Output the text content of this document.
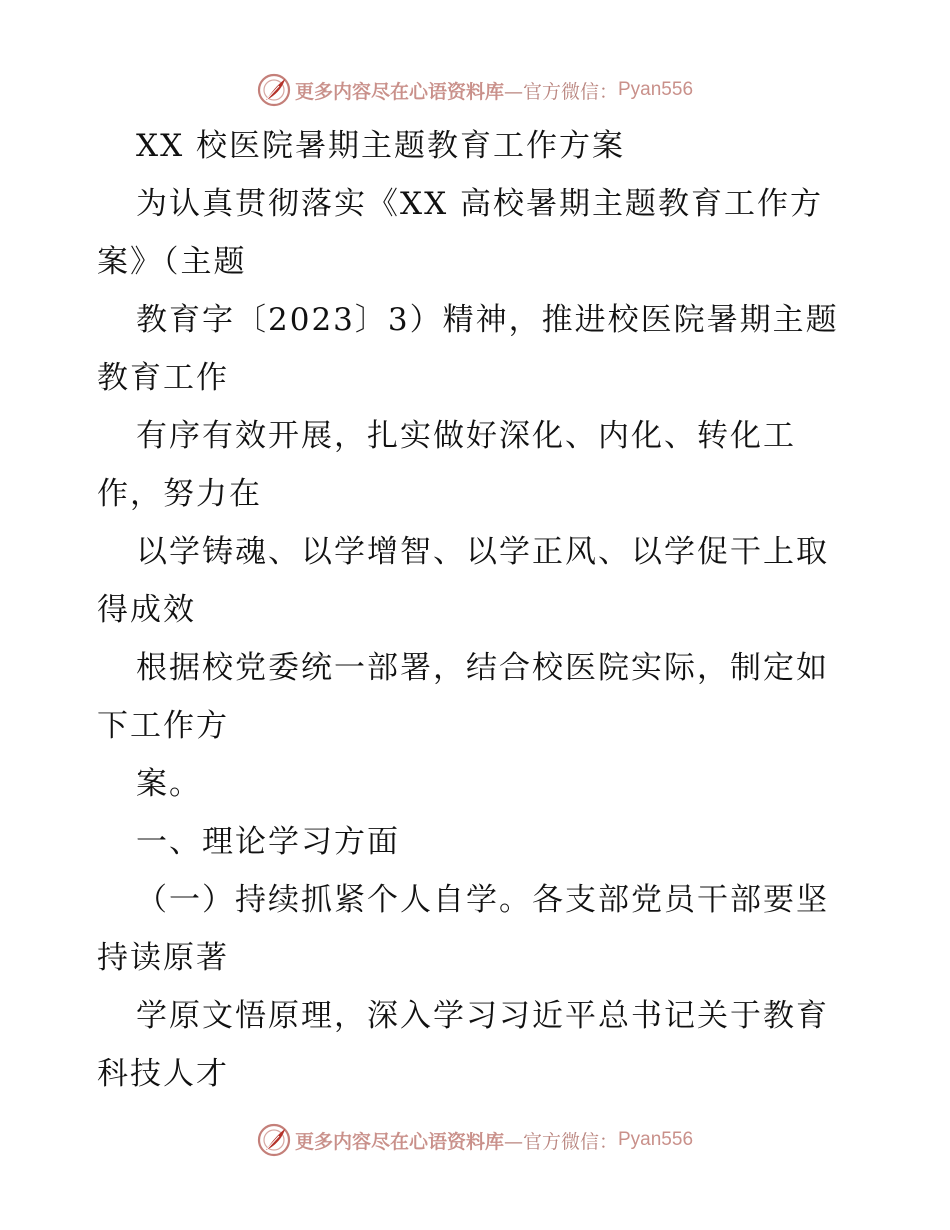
更多内容尽在心语资料库 —官方微信： Pyan556
XX 校医院暑期主题教育工作方案
为认真贯彻落实《XX 高校暑期主题教育工作方
案》（主题
教育字〔2023〕3）精神，推进校医院暑期主题
教育工作
有序有效开展，扎实做好深化、内化、转化工
作，努力在
以学铸魂、以学增智、以学正风、以学促干上取
得成效
根据校党委统一部署，结合校医院实际，制定如
下工作方
案。
一、理论学习方面
（一）持续抓紧个人自学。各支部党员干部要坚
持读原著
学原文悟原理，深入学习习近平总书记关于教育
科技人才
更多内容尽在心语资料库 —官方微信： Pyan556
